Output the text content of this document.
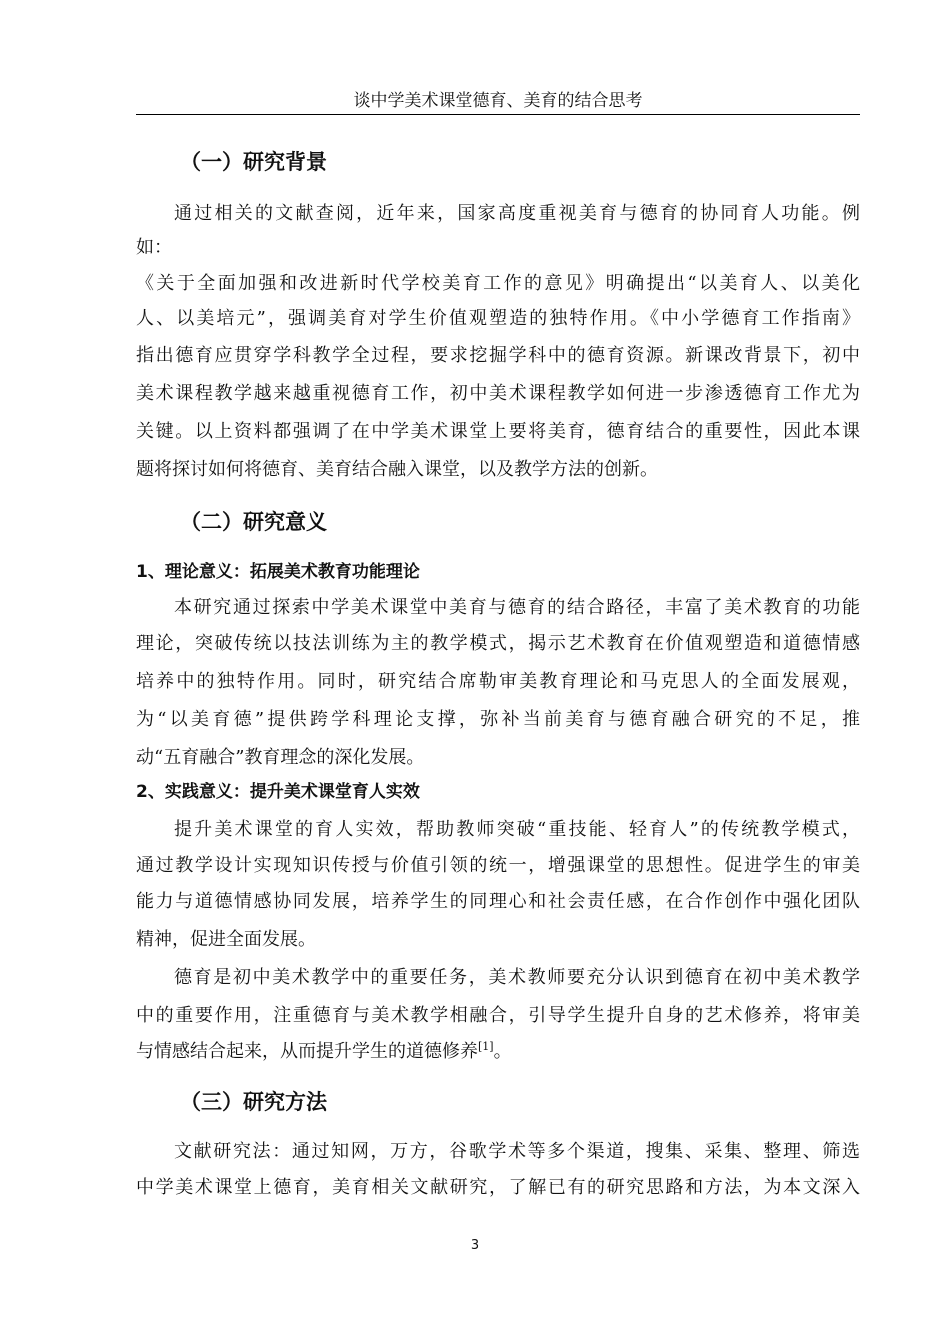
谈中学美术课堂德育、美育的结合思考
（一）研究背景
通过相关的文献查阅，近年来，国家高度重视美育与德育的协同育人功能。例
如：
《关于全面加强和改进新时代学校美育工作的意见》明确提出“以美育人、以美化
人、以美培元”，强调美育对学生价值观塑造的独特作用。《中小学德育工作指南》
指出德育应贯穿学科教学全过程，要求挖掘学科中的德育资源。新课改背景下，初中
美术课程教学越来越重视德育工作，初中美术课程教学如何进一步渗透德育工作尤为
关键。以上资料都强调了在中学美术课堂上要将美育，德育结合的重要性，因此本课
题将探讨如何将德育、美育结合融入课堂，以及教学方法的创新。
（二）研究意义
1、理论意义：拓展美术教育功能理论
本研究通过探索中学美术课堂中美育与德育的结合路径，丰富了美术教育的功能
理论，突破传统以技法训练为主的教学模式，揭示艺术教育在价值观塑造和道德情感
培养中的独特作用。同时，研究结合席勒审美教育理论和马克思人的全面发展观，
为“以美育德”提供跨学科理论支撑，弥补当前美育与德育融合研究的不足，推
动“五育融合”教育理念的深化发展。
2、实践意义：提升美术课堂育人实效
提升美术课堂的育人实效，帮助教师突破“重技能、轻育人”的传统教学模式，
通过教学设计实现知识传授与价值引领的统一，增强课堂的思想性。促进学生的审美
能力与道德情感协同发展，培养学生的同理心和社会责任感，在合作创作中强化团队
精神，促进全面发展。
德育是初中美术教学中的重要任务，美术教师要充分认识到德育在初中美术教学
中的重要作用，注重德育与美术教学相融合，引导学生提升自身的艺术修养，将审美
与情感结合起来，从而提升学生的道德修养[1]。
（三）研究方法
文献研究法：通过知网，万方，谷歌学术等多个渠道，搜集、采集、整理、筛选
中学美术课堂上德育，美育相关文献研究，了解已有的研究思路和方法，为本文深入
3
